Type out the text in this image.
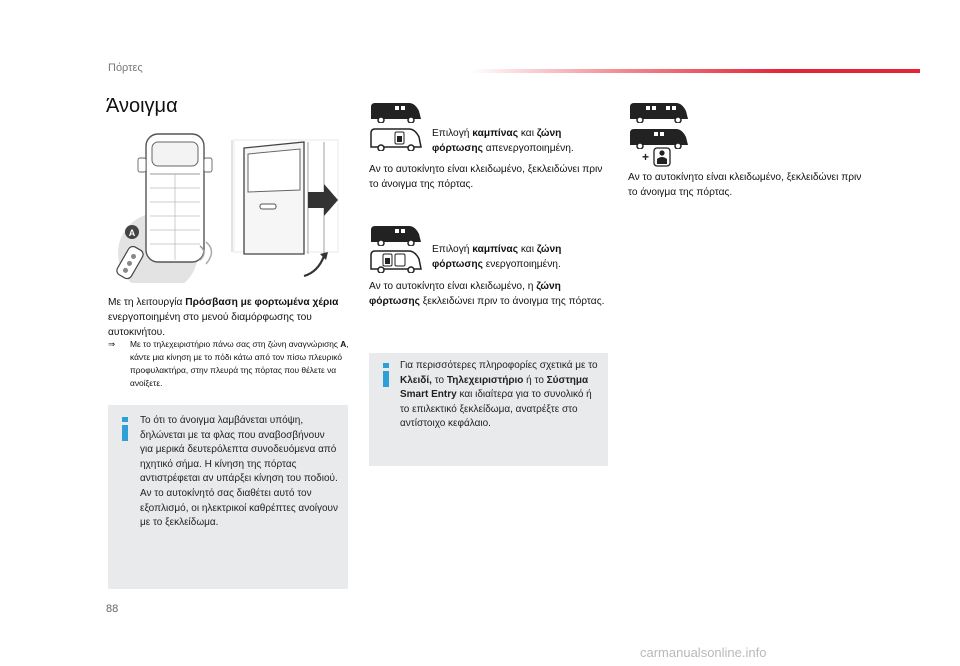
Πόρτες
Άνοιγμα
A
Με τη λειτουργία Πρόσβαση με φορτωμένα χέρια ενεργοποιημένη στο μενού διαμόρφωσης του αυτοκινήτου.
⇒ Με το τηλεχειριστήριο πάνω σας στη ζώνη αναγνώρισης A, κάντε μια κίνηση με το πόδι κάτω από τον πίσω πλευρικό προφυλακτήρα, στην πλευρά της πόρτας που θέλετε να ανοίξετε.
Το ότι το άνοιγμα λαμβάνεται υπόψη, δηλώνεται με τα φλας που αναβοσβήνουν για μερικά δευτερόλεπτα συνοδευόμενα από ηχητικό σήμα. Η κίνηση της πόρτας αντιστρέφεται αν υπάρξει κίνηση του ποδιού. Αν το αυτοκίνητό σας διαθέτει αυτό τον εξοπλισμό, οι ηλεκτρικοί καθρέπτες ανοίγουν με το ξεκλείδωμα.
Επιλογή καμπίνας και ζώνη φόρτωσης απενεργοποιημένη.
Αν το αυτοκίνητο είναι κλειδωμένο, ξεκλειδώνει πριν το άνοιγμα της πόρτας.
Επιλογή καμπίνας και ζώνη φόρτωσης ενεργοποιημένη.
Αν το αυτοκίνητο είναι κλειδωμένο, η ζώνη φόρτωσης ξεκλειδώνει πριν το άνοιγμα της πόρτας.
Για περισσότερες πληροφορίες σχετικά με το Κλειδί, το Τηλεχειριστήριο ή το Σύστημα Smart Entry και ιδιαίτερα για το συνολικό ή το επιλεκτικό ξεκλείδωμα, ανατρέξτε στο αντίστοιχο κεφάλαιο.
+
Αν το αυτοκίνητο είναι κλειδωμένο, ξεκλειδώνει πριν το άνοιγμα της πόρτας.
88
carmanualsonline.info
